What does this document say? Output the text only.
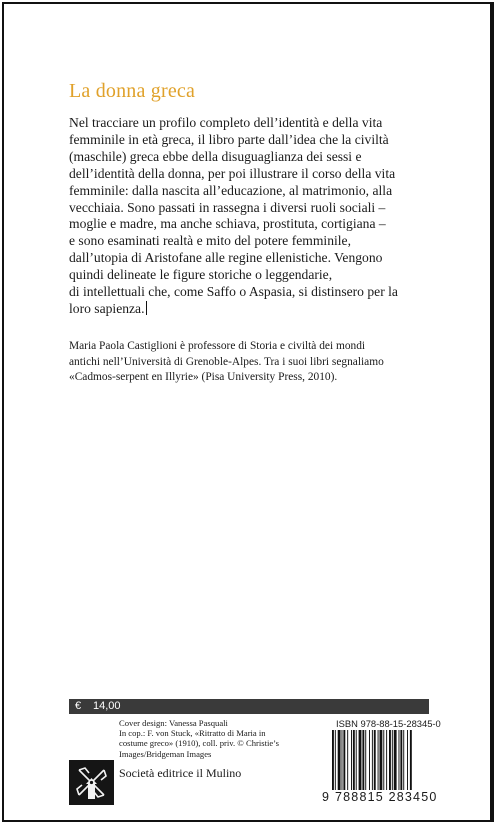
La donna greca
Nel tracciare un profilo completo dell’identità e della vita
femminile in età greca, il libro parte dall’idea che la civiltà
(maschile) greca ebbe della disuguaglianza dei sessi e
dell’identità della donna, per poi illustrare il corso della vita
femminile: dalla nascita all’educazione, al matrimonio, alla
vecchiaia. Sono passati in rassegna i diversi ruoli sociali –
moglie e madre, ma anche schiava, prostituta, cortigiana –
e sono esaminati realtà e mito del potere femminile,
dall’utopia di Aristofane alle regine ellenistiche. Vengono
quindi delineate le figure storiche o leggendarie,
di intellettuali che, come Saffo o Aspasia, si distinsero per la
loro sapienza.
Maria Paola Castiglioni è professore di Storia e civiltà dei mondi
antichi nell’Università di Grenoble-Alpes. Tra i suoi libri segnaliamo
«Cadmos-serpent en Illyrie» (Pisa University Press, 2010).
€ 14,00
Cover design: Vanessa Pasquali
In cop.: F. von Stuck, «Ritratto di Maria in
costume greco» (1910), coll. priv. © Christie’s
Images/Bridgeman Images

Società editrice il Mulino

ISBN 978-88-15-28345-0
9 788815 283450
